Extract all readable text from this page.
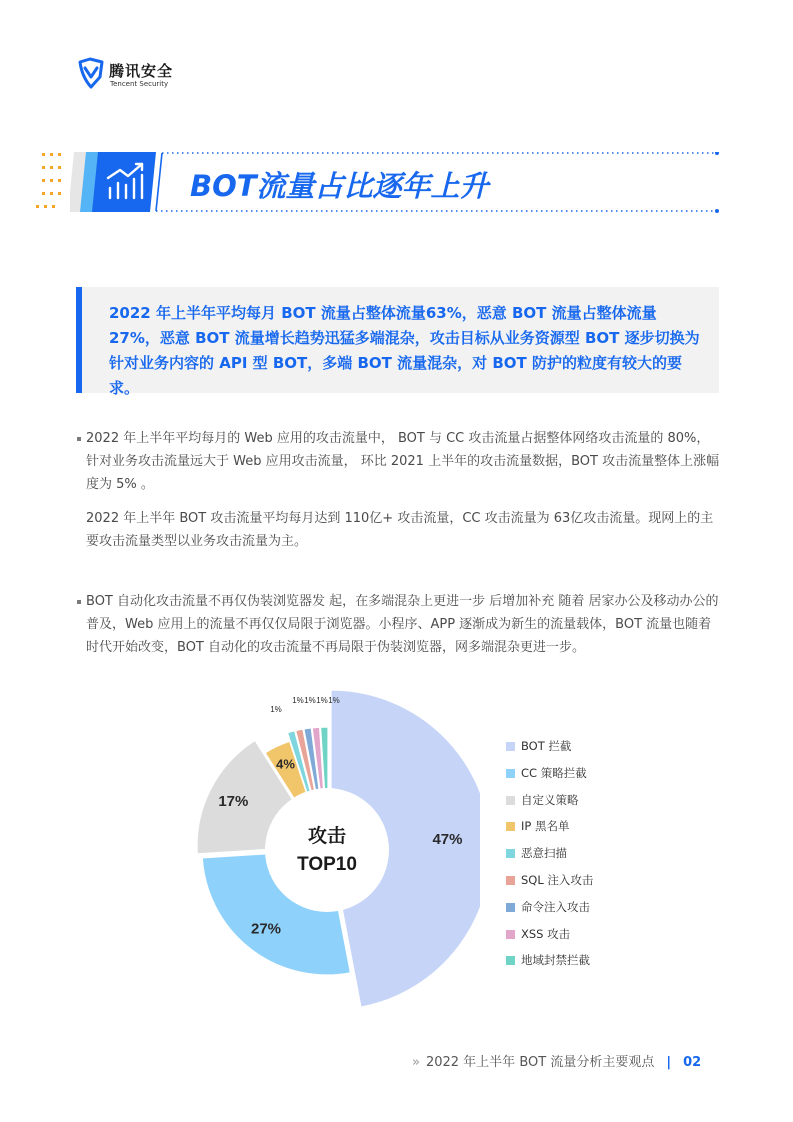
腾讯安全
Tencent Security
BOT流量占比逐年上升
2022 年上半年平均每月 BOT 流量占整体流量63%，恶意 BOT 流量占整体流量 27%，恶意 BOT 流量增长趋势迅猛多端混杂，攻击目标从业务资源型 BOT 逐步切换为针对业务内容的 API 型 BOT，多端 BOT 流量混杂，对 BOT 防护的粒度有较大的要求。
2022 年上半年平均每月的 Web 应用的攻击流量中， BOT 与 CC 攻击流量占据整体网络攻击流量的 80%，针对业务攻击流量远大于 Web 应用攻击流量， 环比 2021 上半年的攻击流量数据，BOT 攻击流量整体上涨幅度为 5% 。
2022 年上半年 BOT 攻击流量平均每月达到 110亿+ 攻击流量，CC 攻击流量为 63亿攻击流量。现网上的主要攻击流量类型以业务攻击流量为主。
BOT 自动化攻击流量不再仅伪装浏览器发 起，在多端混杂上更进一步 后增加补充 随着 居家办公及移动办公的普及，Web 应用上的流量不再仅仅局限于浏览器。小程序、APP 逐渐成为新生的流量载体，BOT 流量也随着时代开始改变，BOT 自动化的攻击流量不再局限于伪装浏览器，网多端混杂更进一步。
47%
27%
17%
4%
1%
1% 1% 1% 1%
攻击
TOP10
BOT 拦截
CC 策略拦截
自定义策略
IP 黑名单
恶意扫描
SQL 注入攻击
命令注入攻击
XSS 攻击
地域封禁拦截
» 2022 年上半年 BOT 流量分析主要观点 | 02
